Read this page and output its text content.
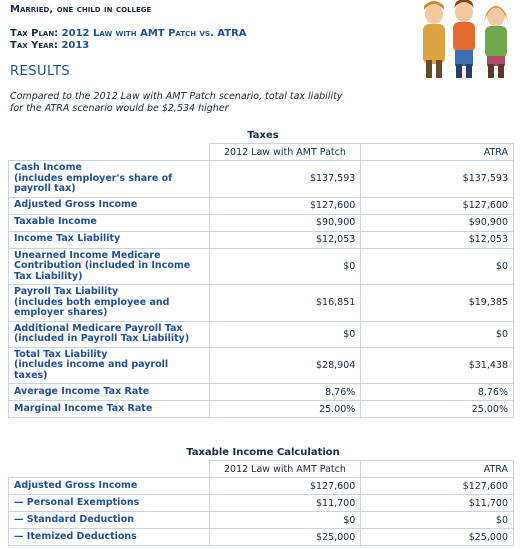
Married, one child in college
Tax Plan: 2012 Law with AMT Patch vs. ATRA
Tax Year: 2013
RESULTS
Compared to the 2012 Law with AMT Patch scenario, total tax liability
for the ATRA scenario would be $2,534 higher
Taxes
	2012 Law with AMT Patch	ATRA
Cash Income
(includes employer's share of payroll tax)	$137,593	$137,593
Adjusted Gross Income	$127,600	$127,600
Taxable Income	$90,900	$90,900
Income Tax Liability	$12,053	$12,053
Unearned Income Medicare Contribution (included in Income Tax Liability)	$0	$0
Payroll Tax Liability
(includes both employee and employer shares)	$16,851	$19,385
Additional Medicare Payroll Tax (included in Payroll Tax Liability)	$0	$0
Total Tax Liability
(includes income and payroll taxes)	$28,904	$31,438
Average Income Tax Rate	8.76%	8.76%
Marginal Income Tax Rate	25.00%	25.00%
Taxable Income Calculation
	2012 Law with AMT Patch	ATRA
Adjusted Gross Income	$127,600	$127,600
— Personal Exemptions	$11,700	$11,700
— Standard Deduction	$0	$0
— Itemized Deductions	$25,000	$25,000
